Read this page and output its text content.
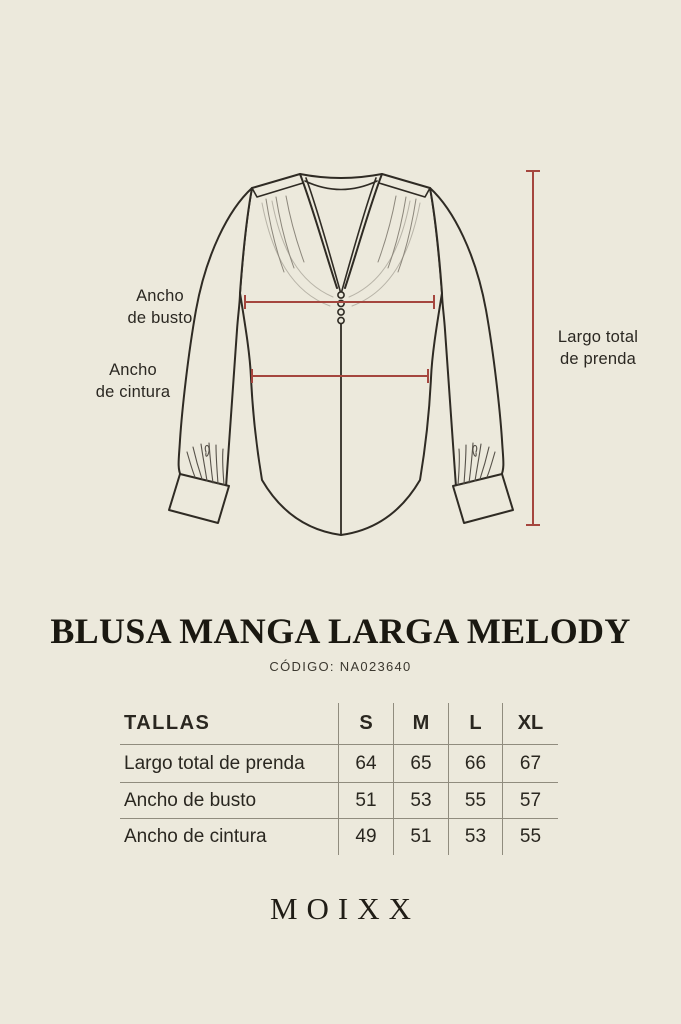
Ancho
de busto
Ancho
de cintura
Largo total
de prenda
BLUSA MANGA LARGA MELODY
CÓDIGO: NA023640
TALLAS	S	M	L	XL
Largo total de prenda	64	65	66	67
Ancho de busto	51	53	55	57
Ancho de cintura	49	51	53	55
MOIXX
